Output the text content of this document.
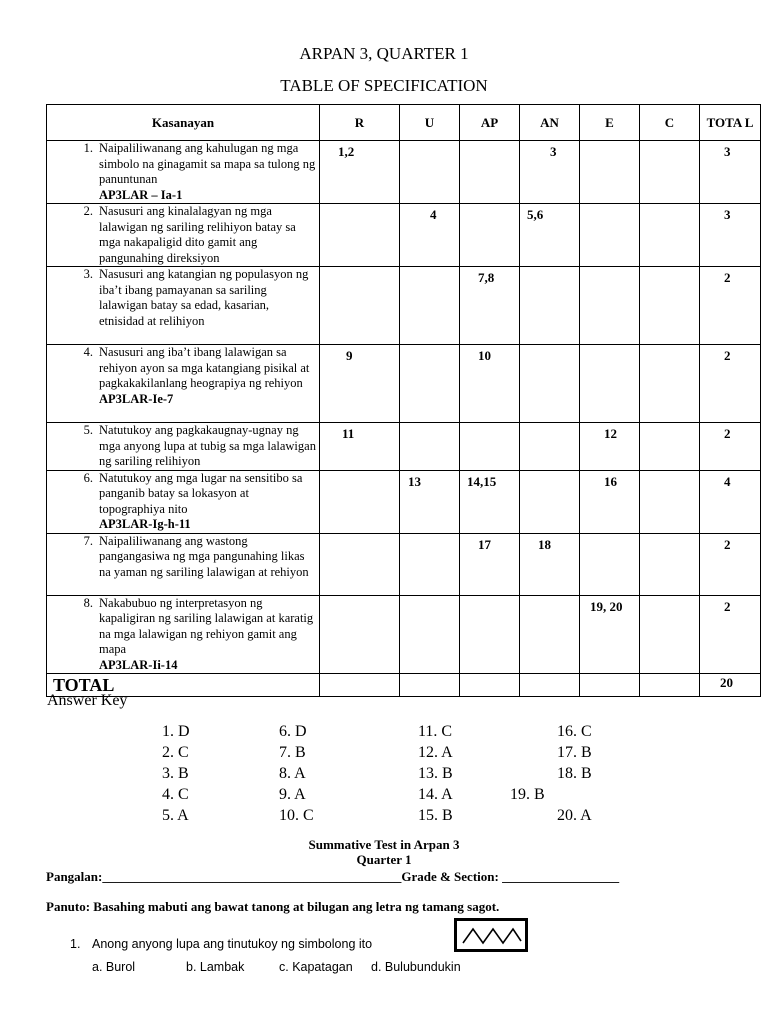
ARPAN 3, QUARTER 1
TABLE OF SPECIFICATION
Kasanayan	R	U	AP	AN	E	C	TOTA L

1. Naipaliliwanang ang kahulugan ng mga simbolo na ginagamit sa mapa sa tulong ng panuntunan
AP3LAR – Ia-1	1,2			3			3

2. Nasusuri ang kinalalagyan ng mga lalawigan ng sariling relihiyon batay sa mga nakapaligid dito gamit ang pangunahing direksiyon		4		5,6			3

3. Nasusuri ang katangian ng populasyon ng iba’t ibang pamayanan sa sariling lalawigan batay sa edad, kasarian, etnisidad at relihiyon			7,8				2

4. Nasusuri ang iba’t ibang lalawigan sa rehiyon ayon sa mga katangiang pisikal at pagkakakilanlang heograpiya ng rehiyon
AP3LAR-Ie-7	9		10				2

5. Natutukoy ang pagkakaugnay-ugnay ng mga anyong lupa at tubig sa mga lalawigan ng sariling relihiyon	11				12		2

6. Natutukoy ang mga lugar na sensitibo sa panganib batay sa lokasyon at topographiya nito
AP3LAR-Ig-h-11		13	14,15		16		4

7. Naipaliliwanang ang wastong pangangasiwa ng mga pangunahing likas na yaman ng sariling lalawigan at rehiyon			17	18			2

8. Nakabubuo ng interpretasyon ng kapaligiran ng sariling lalawigan at karatig na mga lalawigan ng rehiyon gamit ang mapa
AP3LAR-Ii-14					19, 20		2

TOTAL							20
Answer Key
1. D
2. C
3. B
4. C
5. A
6. D
7. B
8. A
9. A
10. C
11. C
12. A
13. B
14. A
15. B
16. C
17. B
18. B
19. B
20. A
Summative Test in Arpan 3
Quarter 1
Pangalan:______________________________________________Grade & Section: __________________
Panuto: Basahing mabuti ang bawat tanong at bilugan ang letra ng tamang sagot.
1. Anong anyong lupa ang tinutukoy ng simbolong ito
a. Burol	b. Lambak	c. Kapatagan d. Bulubundukin
